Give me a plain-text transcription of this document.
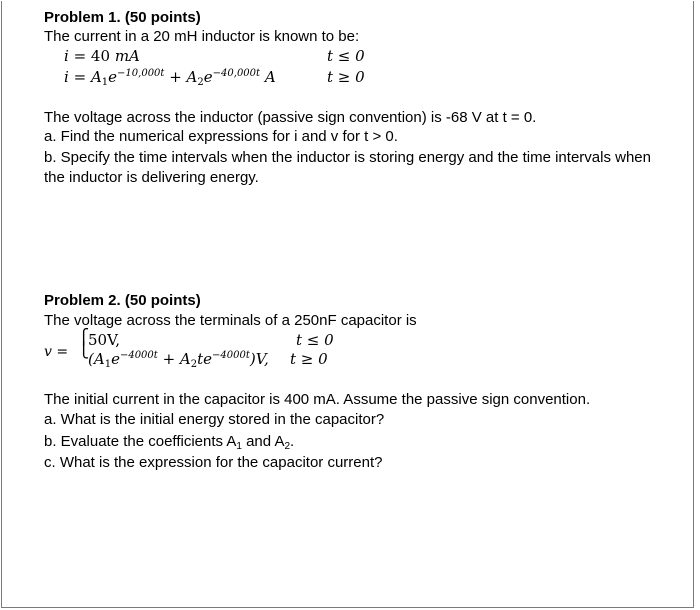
Problem 1. (50 points)
The current in a 20 mH inductor is known to be:
i = 40 mA	t ≤ 0
$i = A_1e^{-10,000t} + A_2e^{-40,000t}$ A	t ≥ 0
The voltage across the inductor (passive sign convention) is -68 V at t = 0.
a. Find the numerical expressions for i and v for t > 0.
b. Specify the time intervals when the inductor is storing energy and the time intervals when
the inductor is delivering energy.
Problem 2. (50 points)
The voltage across the terminals of a 250nF capacitor is
v =
⎧
⎩
50V,	t ≤ 0
$(A_1e^{-4000t} + A_2te^{-4000t})V$, t ≥ 0
The initial current in the capacitor is 400 mA. Assume the passive sign convention.
a. What is the initial energy stored in the capacitor?
b. Evaluate the coefficients $A_1$ and $A_2$.
c. What is the expression for the capacitor current?
